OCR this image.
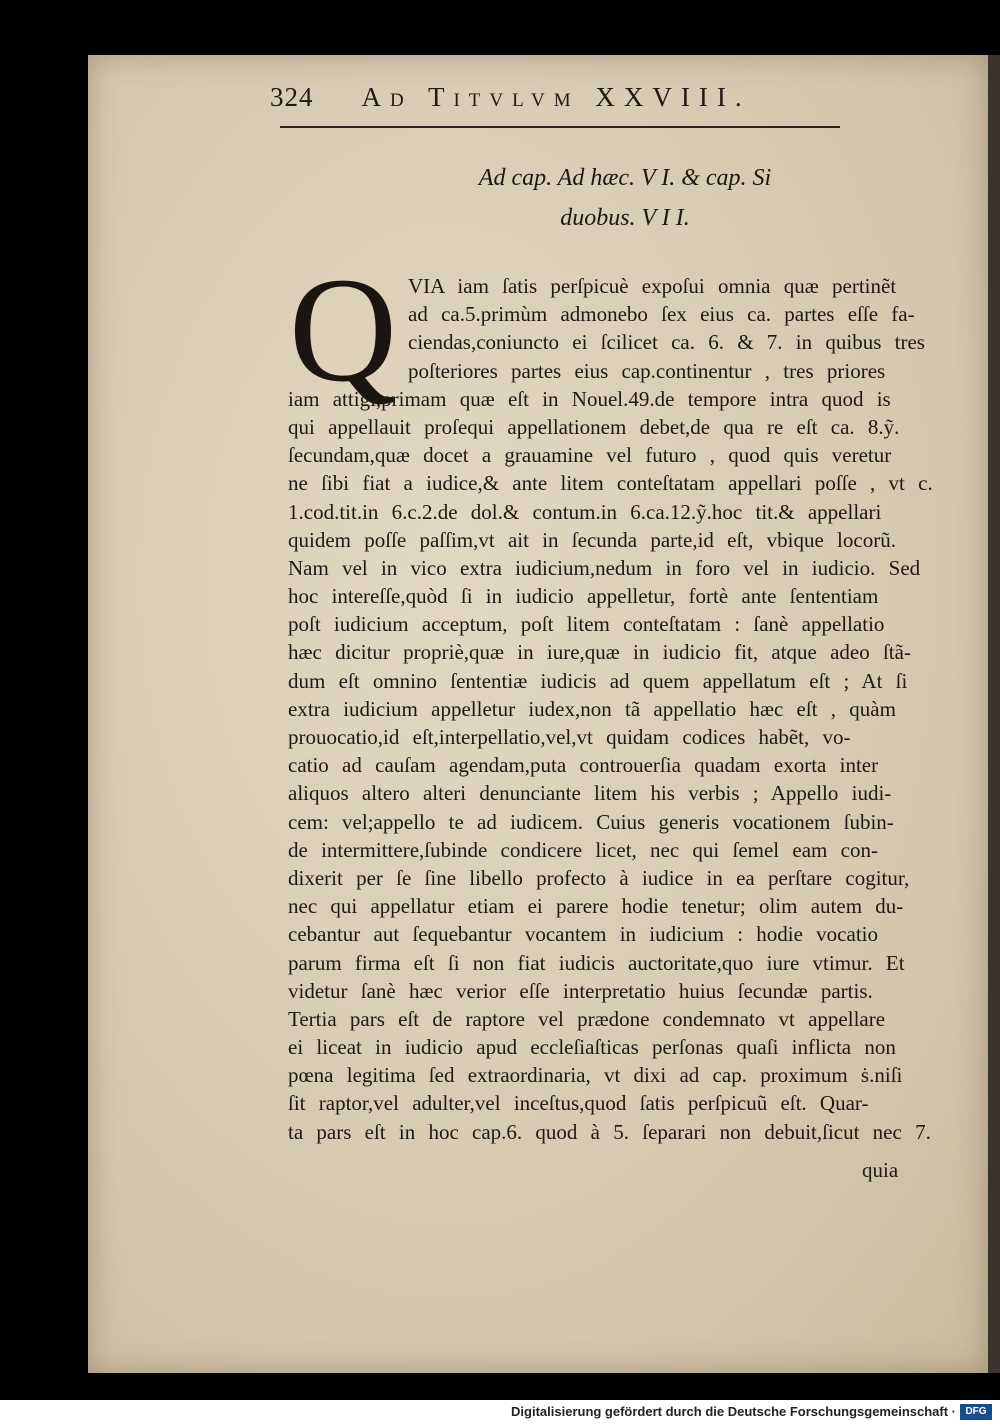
324 Ad Titvlvm XXVIII.
Ad cap. Ad hæc. V I. & cap. Si
duobus. V I I.
Q VIA iam ſatis perſpicuè expoſui omnia quæ pertinẽt
ad ca.5.primùm admonebo ſex eius ca. partes eſſe fa-
ciendas,coniuncto ei ſcilicet ca. 6. & 7. in quibus tres
poſteriores partes eius cap.continentur , tres priores
iam attigi,primam quæ eſt in Nouel.49.de tempore intra quod is
qui appellauit proſequi appellationem debet,de qua re eſt ca. 8.ỹ.
ſecundam,quæ docet a grauamine vel futuro , quod quis veretur
ne ſibi fiat a iudice,& ante litem conteſtatam appellari poſſe , vt c.
1.cod.tit.in 6.c.2.de dol.& contum.in 6.ca.12.ỹ.hoc tit.& appellari
quidem poſſe paſſim,vt ait in ſecunda parte,id eſt, vbique locorũ.
Nam vel in vico extra iudicium,nedum in foro vel in iudicio. Sed
hoc intereſſe,quòd ſi in iudicio appelletur, fortè ante ſententiam
poſt iudicium acceptum, poſt litem conteſtatam : ſanè appellatio
hæc dicitur propriè,quæ in iure,quæ in iudicio fit, atque adeo ſtã-
dum eſt omnino ſententiæ iudicis ad quem appellatum eſt ; At ſi
extra iudicium appelletur iudex,non tã appellatio hæc eſt , quàm
prouocatio,id eſt,interpellatio,vel,vt quidam codices habẽt, vo-
catio ad cauſam agendam,puta controuerſia quadam exorta inter
aliquos altero alteri denunciante litem his verbis ; Appello iudi-
cem: vel;appello te ad iudicem. Cuius generis vocationem ſubin-
de intermittere,ſubinde condicere licet, nec qui ſemel eam con-
dixerit per ſe ſine libello profecto à iudice in ea perſtare cogitur,
nec qui appellatur etiam ei parere hodie tenetur; olim autem du-
cebantur aut ſequebantur vocantem in iudicium : hodie vocatio
parum firma eſt ſi non fiat iudicis auctoritate,quo iure vtimur. Et
videtur ſanè hæc verior eſſe interpretatio huius ſecundæ partis.
Tertia pars eſt de raptore vel prædone condemnato vt appellare
ei liceat in iudicio apud eccleſiaſticas perſonas quaſi inflicta non
pœna legitima ſed extraordinaria, vt dixi ad cap. proximum ṡ.niſi
ſit raptor,vel adulter,vel inceſtus,quod ſatis perſpicuũ eſt. Quar-
ta pars eſt in hoc cap.6. quod à 5. ſeparari non debuit,ſicut nec 7.
quia
Digitalisierung gefördert durch die Deutsche Forschungsgemeinschaft · DFG
